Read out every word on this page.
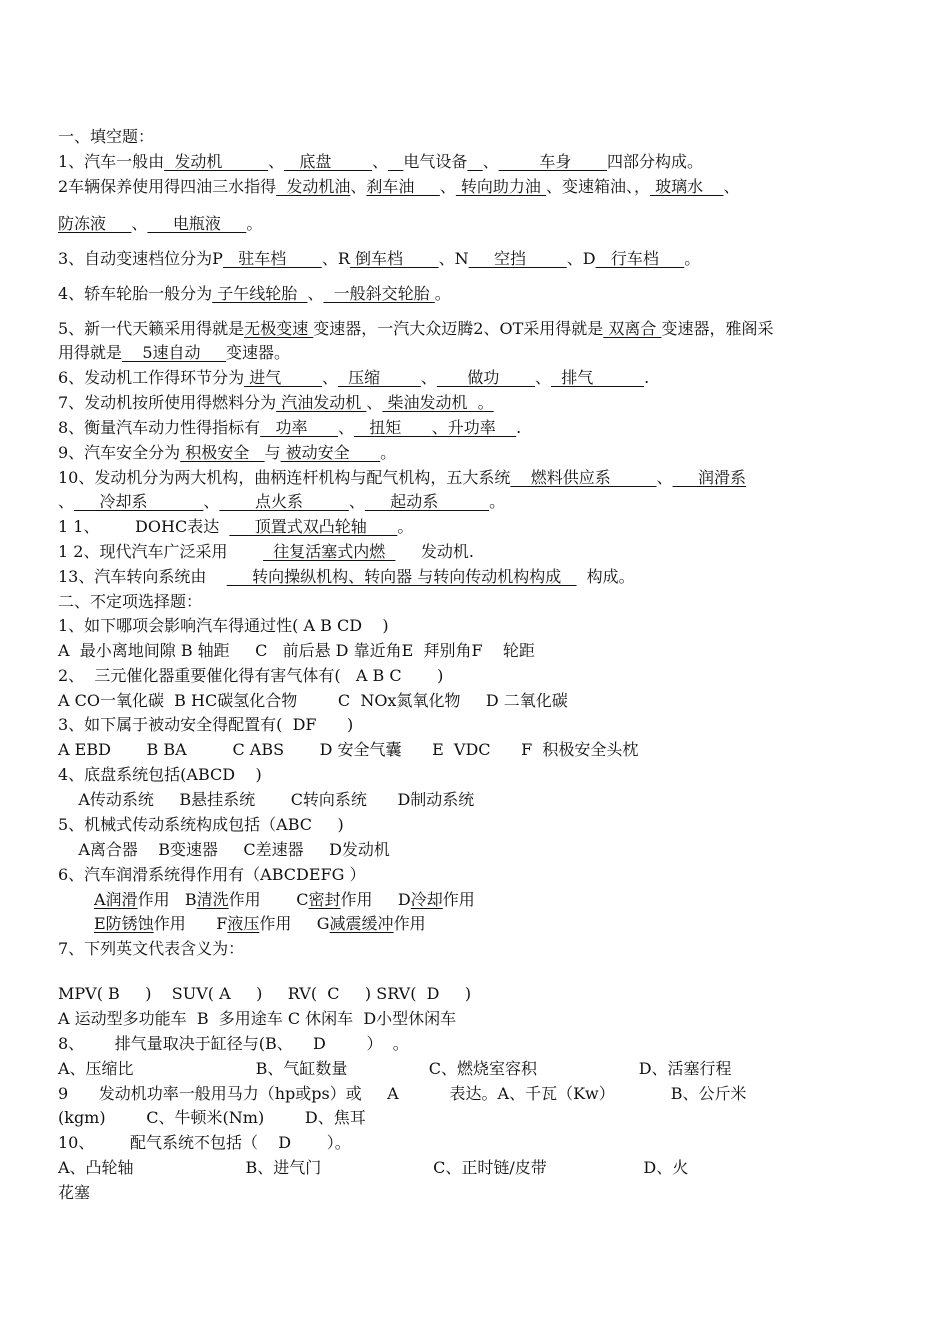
一、填空题：
1、汽车一般由  发动机         、   底盘        、 电气设备 、        车身       四部分构成。
2车辆保养使用得四油三水指得  发动机油、刹车油     、 转向助力油 、变速箱油、， 玻璃水    、
防冻液     、     电瓶液     。
3、自动变速档位分为P   驻车档       、R 倒车档       、N     空挡        、D   行车档     。
4、轿车轮胎一般分为 子午线轮胎  、  一般斜交轮胎 。
5、新一代天籁采用得就是无极变速 变速器，一汽大众迈腾2、OT采用得就是 双离合 变速器，雅阁采
用得就是    5速自动     变速器。
6、发动机工作得环节分为 进气        、  压缩        、      做功       、  排气          .
7、发动机按所使用得燃料分为 汽油发动机 、 柴油发动机  。
8、衡量汽车动力性得指标有   功率      、   扭矩      、升功率    .
9、汽车安全分为 积极安全   与 被动安全      。
10、发动机分为两大机构，曲柄连杆机构与配气机构，五大系统    燃料供应系         、     润滑系
、     冷却系           、       点火系         、     起动系          。
1 1、       DOHC表达       顶置式双凸轮轴      。
1 2、现代汽车广泛采用         往复活塞式内燃       发动机.
13、汽车转向系统由         转向操纵机构、转向器 与转向传动机构构成     构成。
二、不定项选择题：
1、如下哪项会影响汽车得通过性( A B CD    )
A  最小离地间隙 B 轴距     C   前后悬 D 靠近角E  拜别角F    轮距
2、  三元催化器重要催化得有害气体有(   A B C       )
A CO一氧化碳  B HC碳氢化合物        C  NOx氮氧化物     D 二氧化碳
3、如下属于被动安全得配置有(  DF      )
A EBD       B BA         C ABS       D 安全气囊      E  VDC      F  积极安全头枕
4、底盘系统包括(ABCD    )
A传动系统     B悬挂系统       C转向系统      D制动系统
5、机械式传动系统构成包括（ABC     )
A离合器    B变速器     C差速器     D发动机
6、汽车润滑系统得作用有（ABCDEFG ）
A润滑作用   B清洗作用       C密封作用     D冷却作用
E防锈蚀作用      F液压作用     G减震缓冲作用
7、下列英文代表含义为：
MPV( B     )    SUV( A     )     RV(  C     ) SRV(  D     )
A 运动型多功能车  B  多用途车 C 休闲车  D小型休闲车
8、      排气量取决于缸径与(B、    D        ）  。
A、压缩比                        B、气缸数量                C、燃烧室容积                    D、活塞行程
9      发动机功率一般用马力（hp或ps）或     A          表达。A、千瓦（Kw）           B、公斤米
(kgm)        C、牛顿米(Nm)        D、焦耳
10、       配气系统不包括（    D       ）。
A、凸轮轴                      B、进气门                      C、正时链/皮带                   D、火
花塞
